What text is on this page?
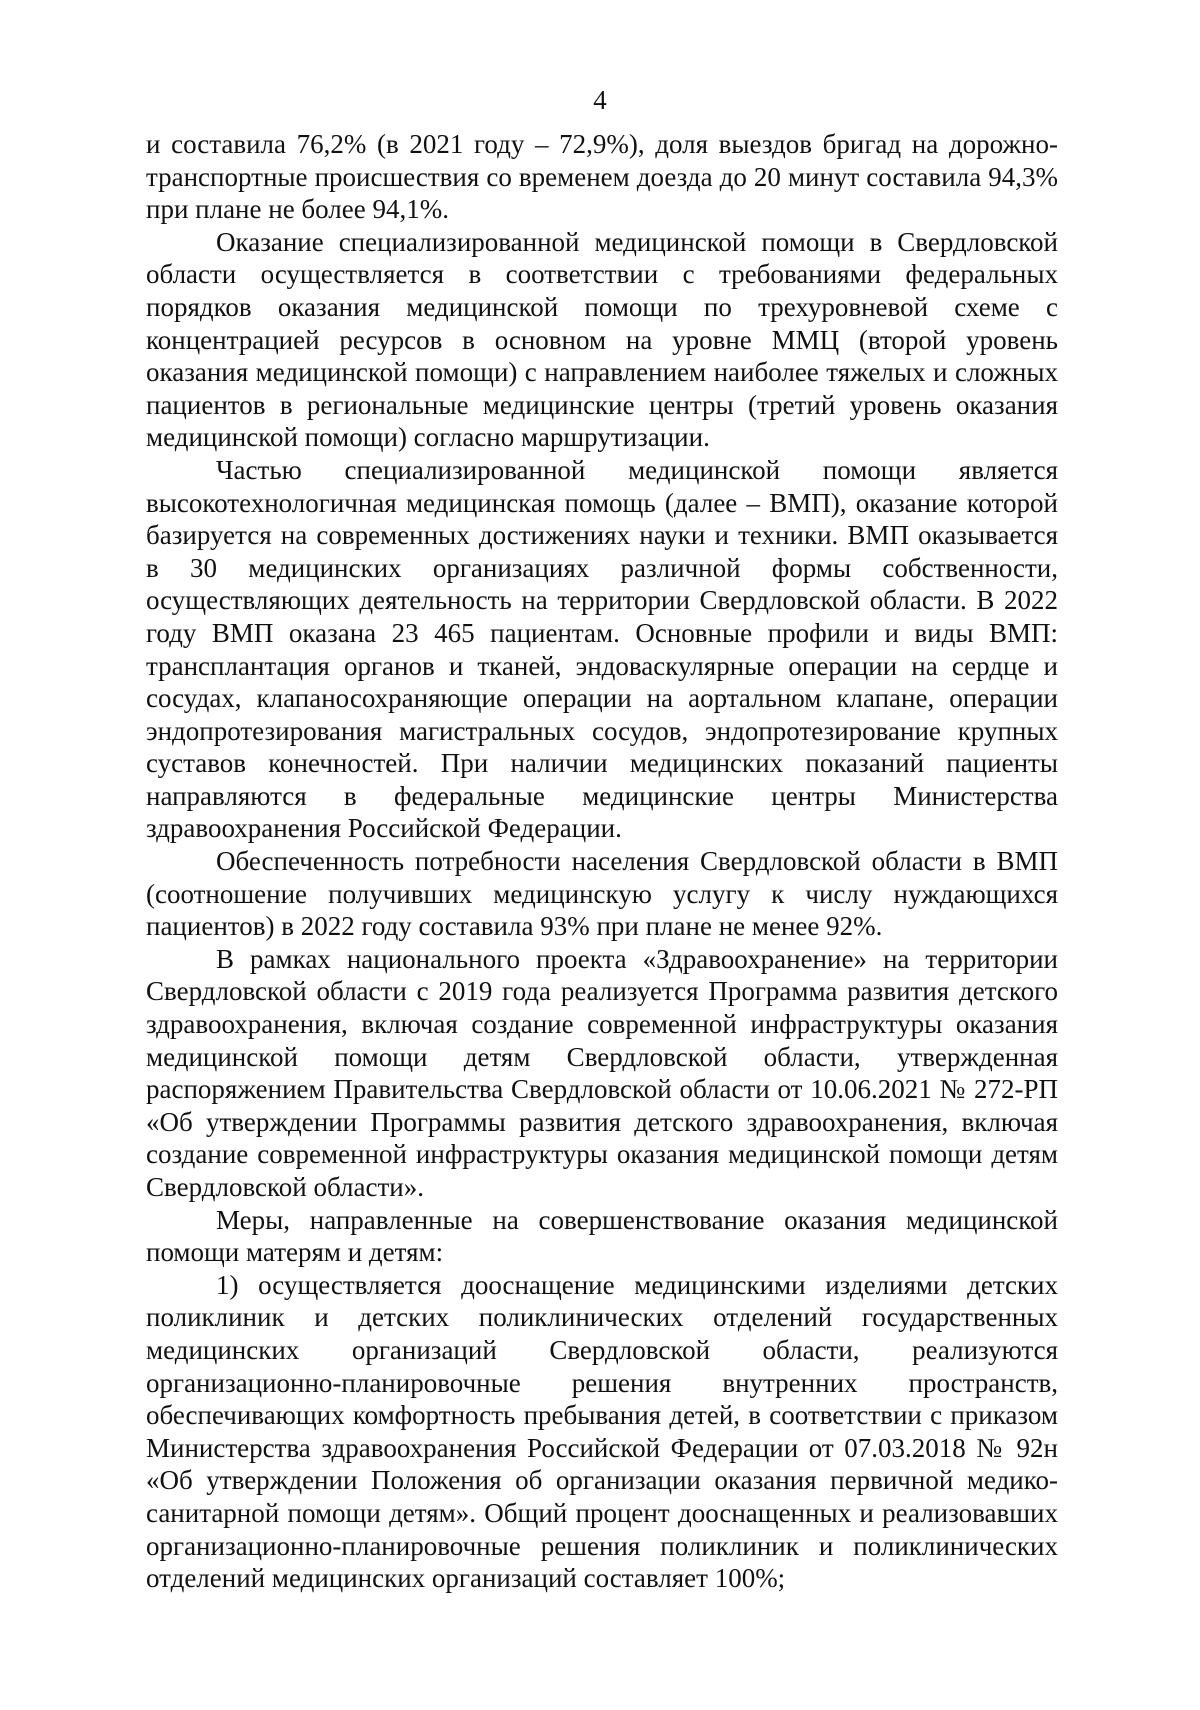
4

и составила 76,2% (в 2021 году – 72,9%), доля выездов бригад на дорожно-транспортные происшествия со временем доезда до 20 минут составила 94,3% при плане не более 94,1%.

Оказание специализированной медицинской помощи в Свердловской области осуществляется в соответствии с требованиями федеральных порядков оказания медицинской помощи по трехуровневой схеме с концентрацией ресурсов в основном на уровне ММЦ (второй уровень оказания медицинской помощи) с направлением наиболее тяжелых и сложных пациентов в региональные медицинские центры (третий уровень оказания медицинской помощи) согласно маршрутизации.

Частью специализированной медицинской помощи является высокотехнологичная медицинская помощь (далее – ВМП), оказание которой базируется на современных достижениях науки и техники. ВМП оказывается в 30 медицинских организациях различной формы собственности, осуществляющих деятельность на территории Свердловской области. В 2022 году ВМП оказана 23 465 пациентам. Основные профили и виды ВМП: трансплантация органов и тканей, эндоваскулярные операции на сердце и сосудах, клапаносохраняющие операции на аортальном клапане, операции эндопротезирования магистральных сосудов, эндопротезирование крупных суставов конечностей. При наличии медицинских показаний пациенты направляются в федеральные медицинские центры Министерства здравоохранения Российской Федерации.

Обеспеченность потребности населения Свердловской области в ВМП (соотношение получивших медицинскую услугу к числу нуждающихся пациентов) в 2022 году составила 93% при плане не менее 92%.

В рамках национального проекта «Здравоохранение» на территории Свердловской области с 2019 года реализуется Программа развития детского здравоохранения, включая создание современной инфраструктуры оказания медицинской помощи детям Свердловской области, утвержденная распоряжением Правительства Свердловской области от 10.06.2021 № 272-РП «Об утверждении Программы развития детского здравоохранения, включая создание современной инфраструктуры оказания медицинской помощи детям Свердловской области».

Меры, направленные на совершенствование оказания медицинской помощи матерям и детям:

1) осуществляется дооснащение медицинскими изделиями детских поликлиник и детских поликлинических отделений государственных медицинских организаций Свердловской области, реализуются организационно-планировочные решения внутренних пространств, обеспечивающих комфортность пребывания детей, в соответствии с приказом Министерства здравоохранения Российской Федерации от 07.03.2018 № 92н «Об утверждении Положения об организации оказания первичной медико-санитарной помощи детям». Общий процент дооснащенных и реализовавших организационно-планировочные решения поликлиник и поликлинических отделений медицинских организаций составляет 100%;
